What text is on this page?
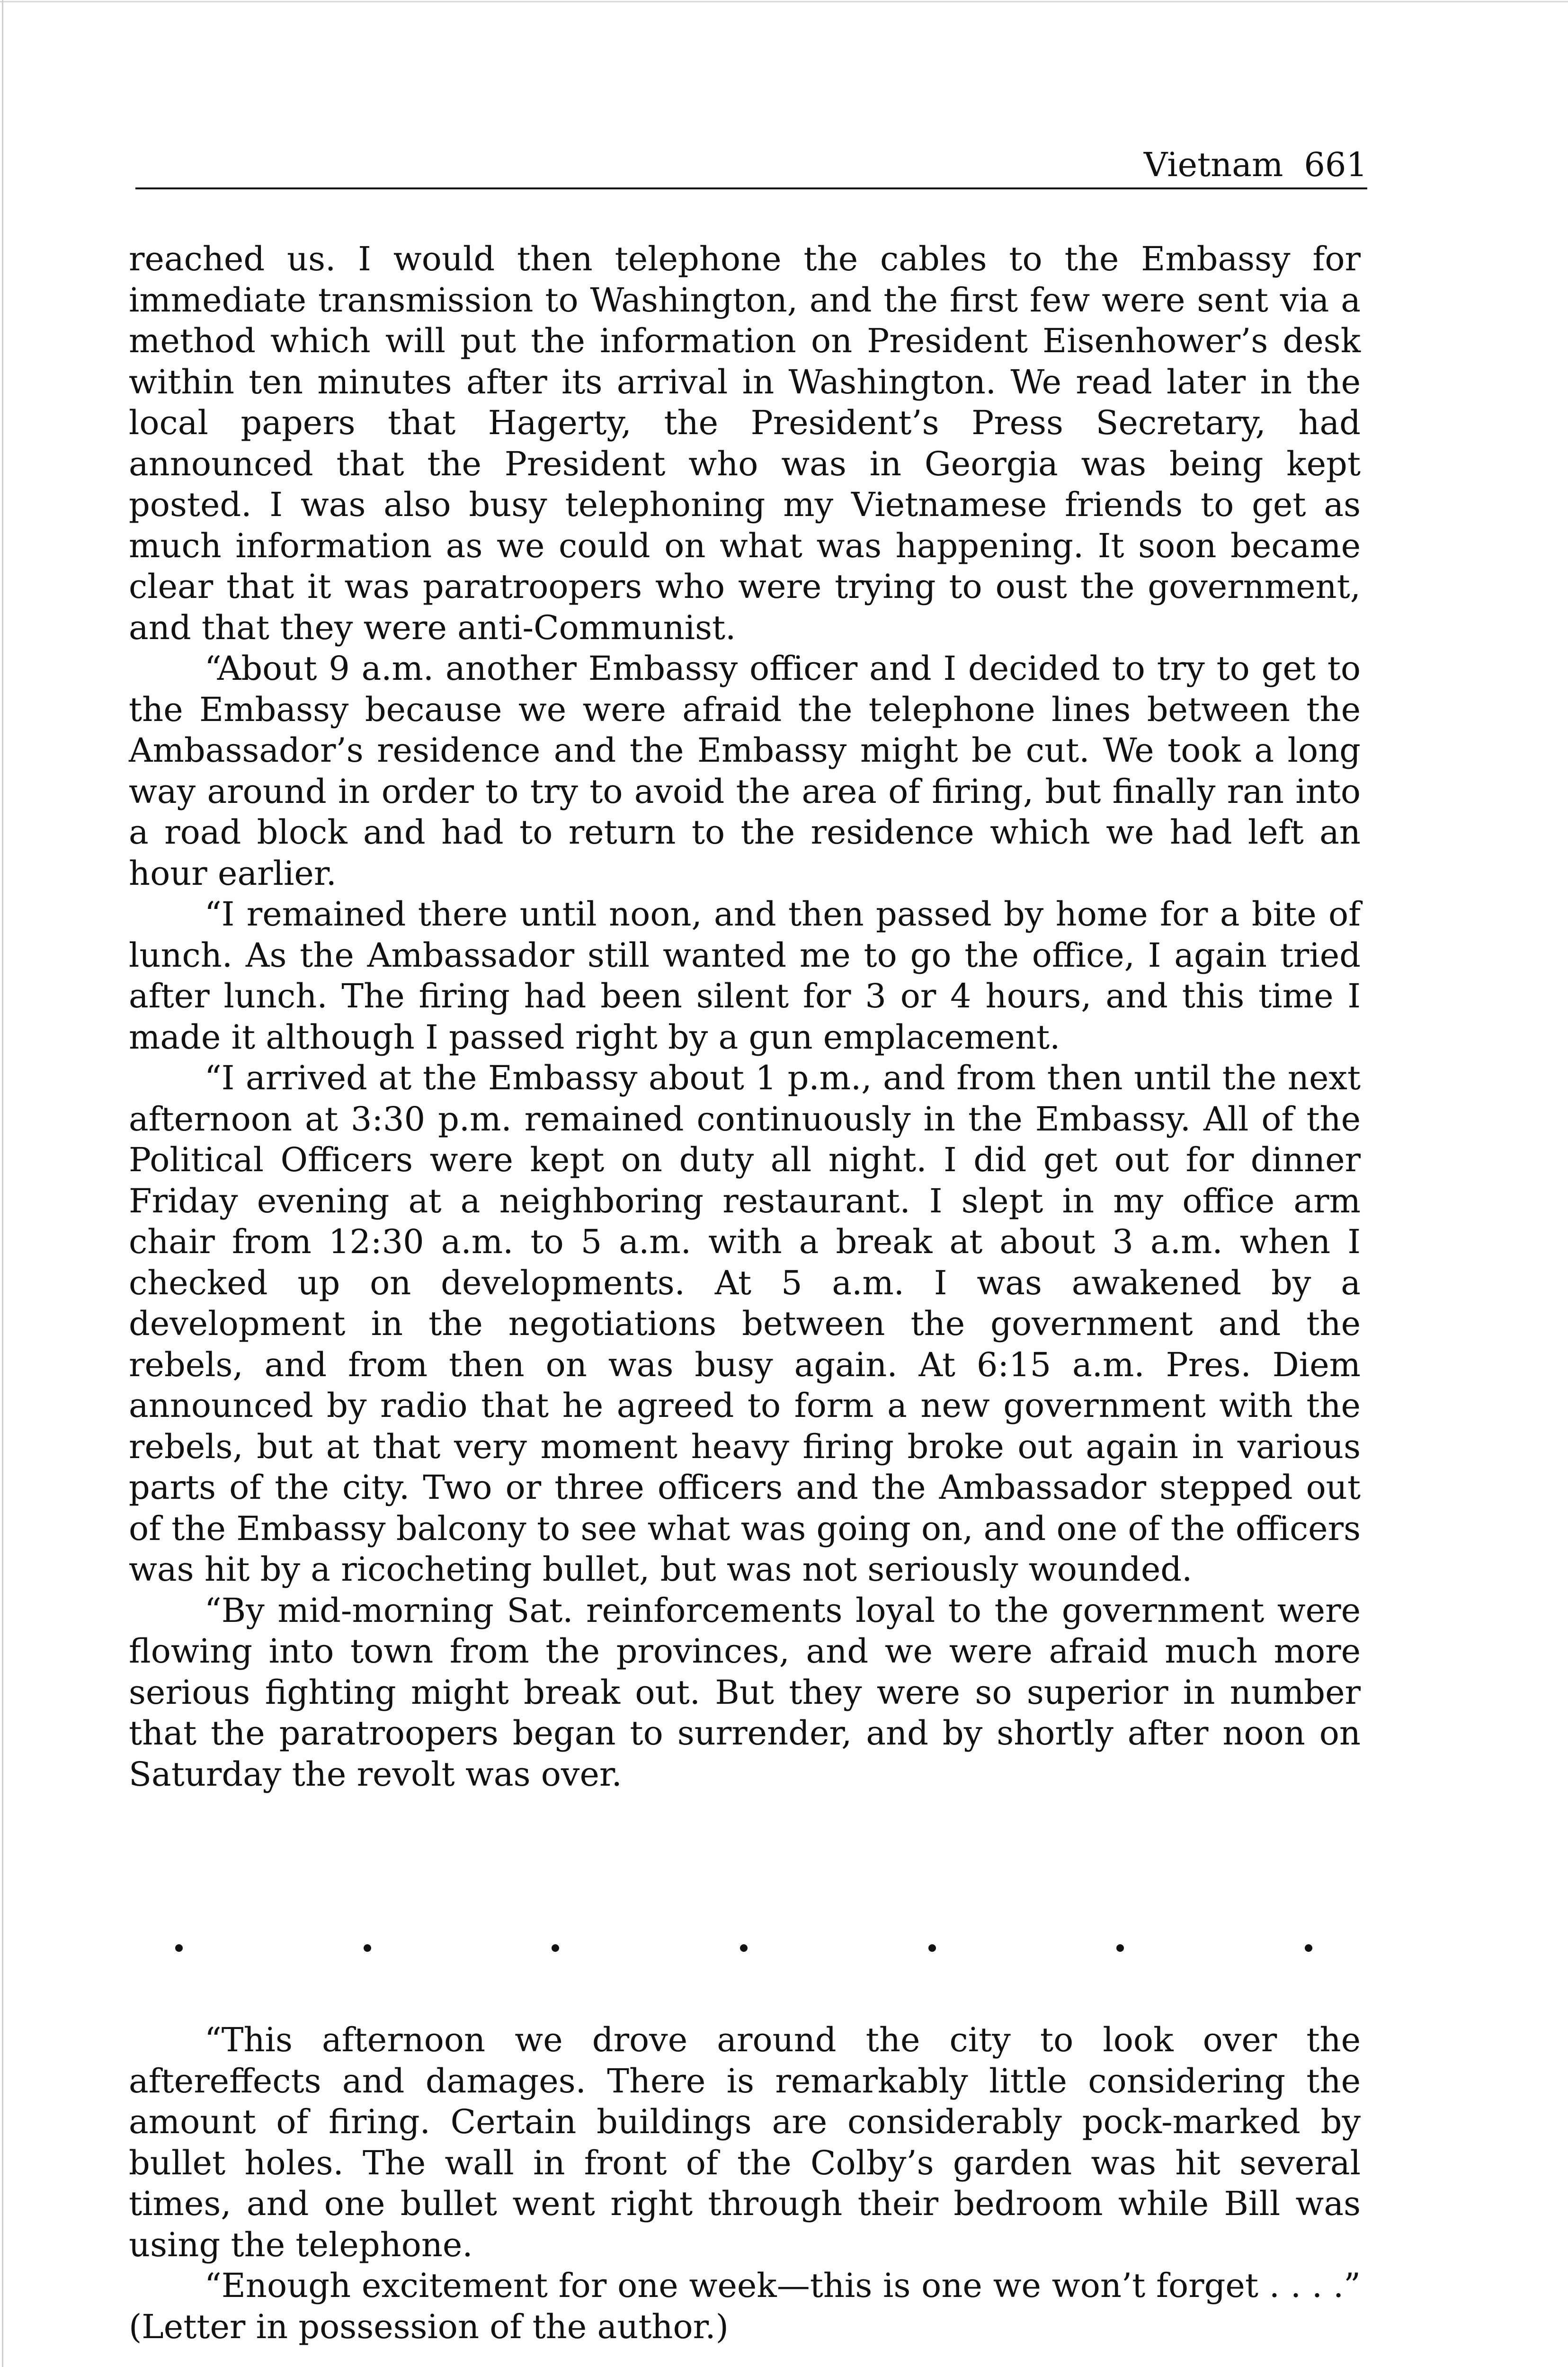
Vietnam 661

reached us. I would then telephone the cables to the Embassy for immediate transmission to Washington, and the first few were sent via a method which will put the information on President Eisenhower’s desk within ten minutes after its arrival in Washington. We read later in the local papers that Hagerty, the President’s Press Secretary, had announced that the President who was in Georgia was being kept posted. I was also busy telephoning my Vietnamese friends to get as much information as we could on what was happening. It soon became clear that it was paratroopers who were trying to oust the government, and that they were anti-Communist.

“About 9 a.m. another Embassy officer and I decided to try to get to the Embassy because we were afraid the telephone lines between the Ambassador’s residence and the Embassy might be cut. We took a long way around in order to try to avoid the area of firing, but finally ran into a road block and had to return to the residence which we had left an hour earlier.

“I remained there until noon, and then passed by home for a bite of lunch. As the Ambassador still wanted me to go the office, I again tried after lunch. The firing had been silent for 3 or 4 hours, and this time I made it although I passed right by a gun emplacement.

“I arrived at the Embassy about 1 p.m., and from then until the next afternoon at 3:30 p.m. remained continuously in the Embassy. All of the Political Officers were kept on duty all night. I did get out for dinner Friday evening at a neighboring restaurant. I slept in my office arm chair from 12:30 a.m. to 5 a.m. with a break at about 3 a.m. when I checked up on developments. At 5 a.m. I was awakened by a development in the negotiations between the government and the rebels, and from then on was busy again. At 6:15 a.m. Pres. Diem announced by radio that he agreed to form a new government with the rebels, but at that very moment heavy firing broke out again in various parts of the city. Two or three officers and the Ambassador stepped out of the Embassy balcony to see what was going on, and one of the officers was hit by a ricocheting bullet, but was not seriously wounded.

“By mid-morning Sat. reinforcements loyal to the government were flowing into town from the provinces, and we were afraid much more serious fighting might break out. But they were so superior in number that the paratroopers began to surrender, and by shortly after noon on Saturday the revolt was over.

“This afternoon we drove around the city to look over the aftereffects and damages. There is remarkably little considering the amount of firing. Certain buildings are considerably pock-marked by bullet holes. The wall in front of the Colby’s garden was hit several times, and one bullet went right through their bedroom while Bill was using the telephone.

“Enough excitement for one week—this is one we won’t forget . . . .” (Letter in possession of the author.)
